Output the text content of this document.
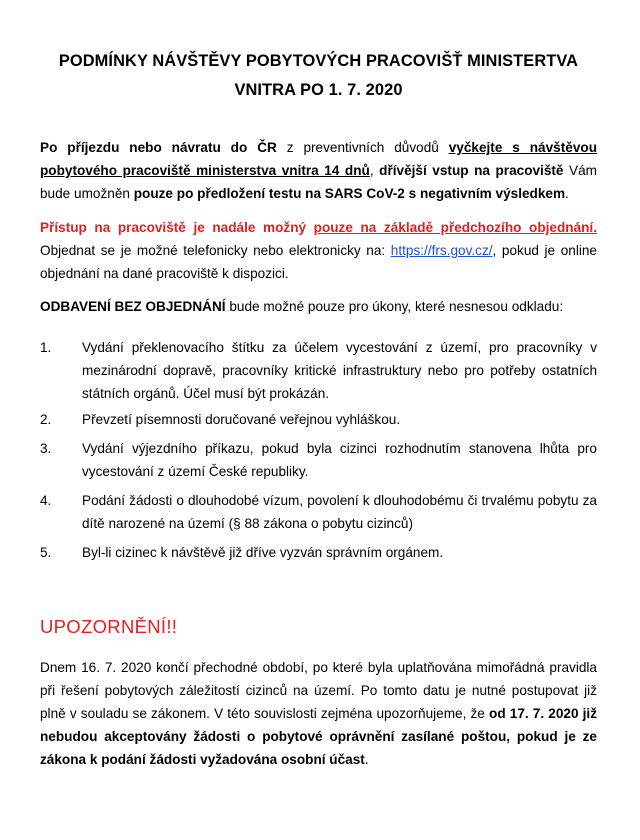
PODMÍNKY NÁVŠTĚVY POBYTOVÝCH PRACOVIŠŤ MINISTERTVA
VNITRA PO 1. 7. 2020

Po příjezdu nebo návratu do ČR z preventivních důvodů vyčkejte s návštěvou pobytového pracoviště ministerstva vnitra 14 dnů, dřívější vstup na pracoviště Vám bude umožněn pouze po předložení testu na SARS CoV-2 s negativním výsledkem.

Přístup na pracoviště je nadále možný pouze na základě předchozího objednání. Objednat se je možné telefonicky nebo elektronicky na: https://frs.gov.cz/, pokud je online objednání na dané pracoviště k dispozici.

ODBAVENÍ BEZ OBJEDNÁNÍ bude možné pouze pro úkony, které nesnesou odkladu:

1.	Vydání překlenovacího štítku za účelem vycestování z území, pro pracovníky v mezinárodní dopravě, pracovníky kritické infrastruktury nebo pro potřeby ostatních státních orgánů. Účel musí být prokázán.
2.	Převzetí písemnosti doručované veřejnou vyhláškou.
3.	Vydání výjezdního příkazu, pokud byla cizinci rozhodnutím stanovena lhůta pro vycestování z území České republiky.
4.	Podání žádosti o dlouhodobé vízum, povolení k dlouhodobému či trvalému pobytu za dítě narozené na území (§ 88 zákona o pobytu cizinců)
5.	Byl-li cizinec k návštěvě již dříve vyzván správním orgánem.
UPOZORNĚNÍ!!

Dnem 16. 7. 2020 končí přechodné období, po které byla uplatňována mimořádná pravidla při řešení pobytových záležitostí cizinců na území. Po tomto datu je nutné postupovat již plně v souladu se zákonem. V této souvislosti zejména upozorňujeme, že od 17. 7. 2020 již nebudou akceptovány žádosti o pobytové oprávnění zasílané poštou, pokud je ze zákona k podání žádosti vyžadována osobní účast.
